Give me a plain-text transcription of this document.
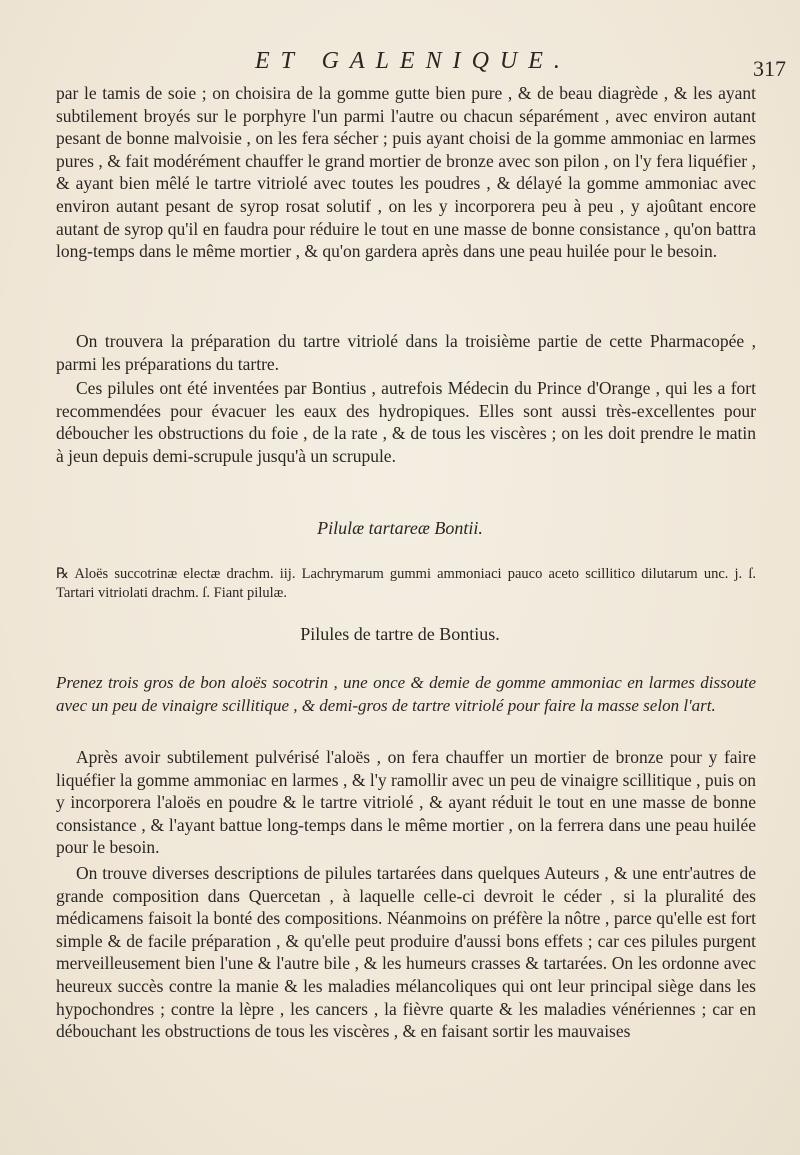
ET GALENIQUE.	317

par le tamis de soie ; on choisira de la gomme gutte bien pure , & de beau diagrède , & les ayant subtilement broyés sur le porphyre l'un parmi l'autre ou chacun séparément , avec environ autant pesant de bonne malvoisie , on les fera sécher ; puis ayant choisi de la gomme ammoniac en larmes pures , & fait modérément chauffer le grand mortier de bronze avec son pilon , on l'y fera liquéfier , & ayant bien mêlé le tartre vitriolé avec toutes les poudres , & délayé la gomme ammoniac avec environ autant pesant de syrop rosat solutif , on les y incorporera peu à peu , y ajoûtant encore autant de syrop qu'il en faudra pour réduire le tout en une masse de bonne consistance , qu'on battra long-temps dans le même mortier , & qu'on gardera après dans une peau huilée pour le besoin.

On trouvera la préparation du tartre vitriolé dans la troisième partie de cette Pharmacopée , parmi les préparations du tartre.

Ces pilules ont été inventées par Bontius , autrefois Médecin du Prince d'Orange , qui les a fort recommendées pour évacuer les eaux des hydropiques. Elles sont aussi très-excellentes pour déboucher les obstructions du foie , de la rate , & de tous les viscères ; on les doit prendre le matin à jeun depuis demi-scrupule jusqu'à un scrupule.

Pilulæ tartareæ Bontii.

℞ Aloës succotrinæ electæ drachm. iij. Lachrymarum gummi ammoniaci pauco aceto scillitico dilutarum unc. j. ſ. Tartari vitriolati drachm. ſ. Fiant pilulæ.

Pilules de tartre de Bontius.

Prenez trois gros de bon aloës socotrin , une once & demie de gomme ammoniac en larmes dissoute avec un peu de vinaigre scillitique , & demi-gros de tartre vitriolé pour faire la masse selon l'art.

Après avoir subtilement pulvérisé l'aloës , on fera chauffer un mortier de bronze pour y faire liquéfier la gomme ammoniac en larmes , & l'y ramollir avec un peu de vinaigre scillitique , puis on y incorporera l'aloës en poudre & le tartre vitriolé , & ayant réduit le tout en une masse de bonne consistance , & l'ayant battue long-temps dans le même mortier , on la ferrera dans une peau huilée pour le besoin.

On trouve diverses descriptions de pilules tartarées dans quelques Auteurs , & une entr'autres de grande composition dans Quercetan , à laquelle celle-ci devroit le céder , si la pluralité des médicamens faisoit la bonté des compositions. Néanmoins on préfère la nôtre , parce qu'elle est fort simple & de facile préparation , & qu'elle peut produire d'aussi bons effets ; car ces pilules purgent merveilleusement bien l'une & l'autre bile , & les humeurs crasses & tartarées. On les ordonne avec heureux succès contre la manie & les maladies mélancoliques qui ont leur principal siège dans les hypochondres ; contre la lèpre , les cancers , la fièvre quarte & les maladies vénériennes ; car en débouchant les obstructions de tous les viscères , & en faisant sortir les mauvaises
